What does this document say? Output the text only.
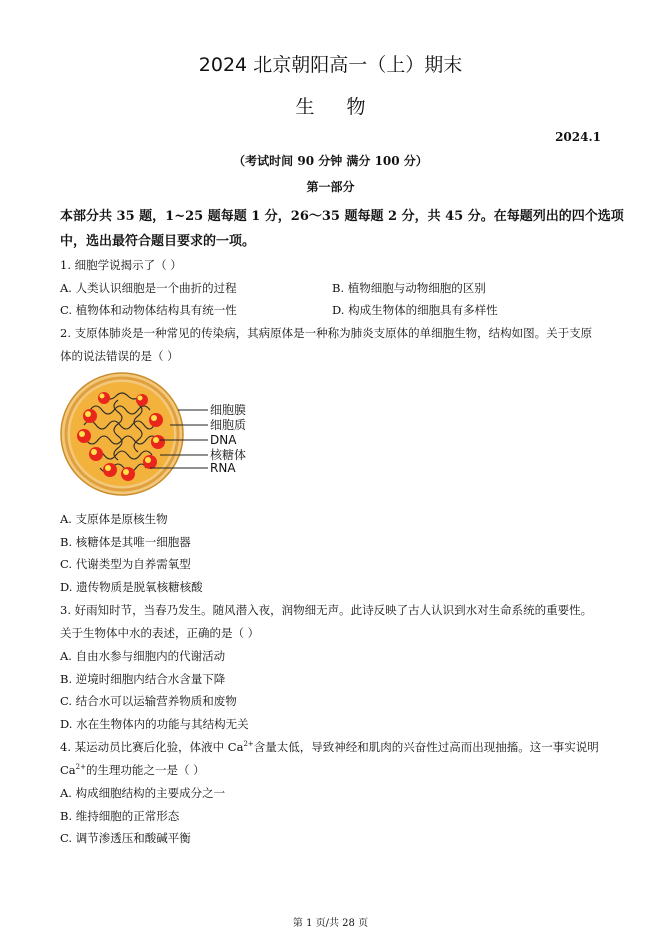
2024 北京朝阳高一（上）期末
生物
2024.1
（考试时间 90 分钟 满分 100 分）
第一部分
本部分共 35 题，1~25 题每题 1 分，26～35 题每题 2 分，共 45 分。在每题列出的四个选项
中，选出最符合题目要求的一项。
1. 细胞学说揭示了（ ）
A. 人类认识细胞是一个曲折的过程	B. 植物细胞与动物细胞的区别
C. 植物体和动物体结构具有统一性	D. 构成生物体的细胞具有多样性
2. 支原体肺炎是一种常见的传染病，其病原体是一种称为肺炎支原体的单细胞生物，结构如图。关于支原
体的说法错误的是（ ）
细胞膜
细胞质
DNA
核糖体
RNA
A. 支原体是原核生物
B. 核糖体是其唯一细胞器
C. 代谢类型为自养需氧型
D. 遗传物质是脱氧核糖核酸
3. 好雨知时节，当春乃发生。随风潜入夜，润物细无声。此诗反映了古人认识到水对生命系统的重要性。
关于生物体中水的表述，正确的是（ ）
A. 自由水参与细胞内的代谢活动
B. 逆境时细胞内结合水含量下降
C. 结合水可以运输营养物质和废物
D. 水在生物体内的功能与其结构无关
4. 某运动员比赛后化验，体液中 $Ca^{2+}$含量太低，导致神经和肌肉的兴奋性过高而出现抽搐。这一事实说明
$Ca^{2+}$的生理功能之一是（ ）
A. 构成细胞结构的主要成分之一
B. 维持细胞的正常形态
C. 调节渗透压和酸碱平衡
第 1 页/共 28 页
